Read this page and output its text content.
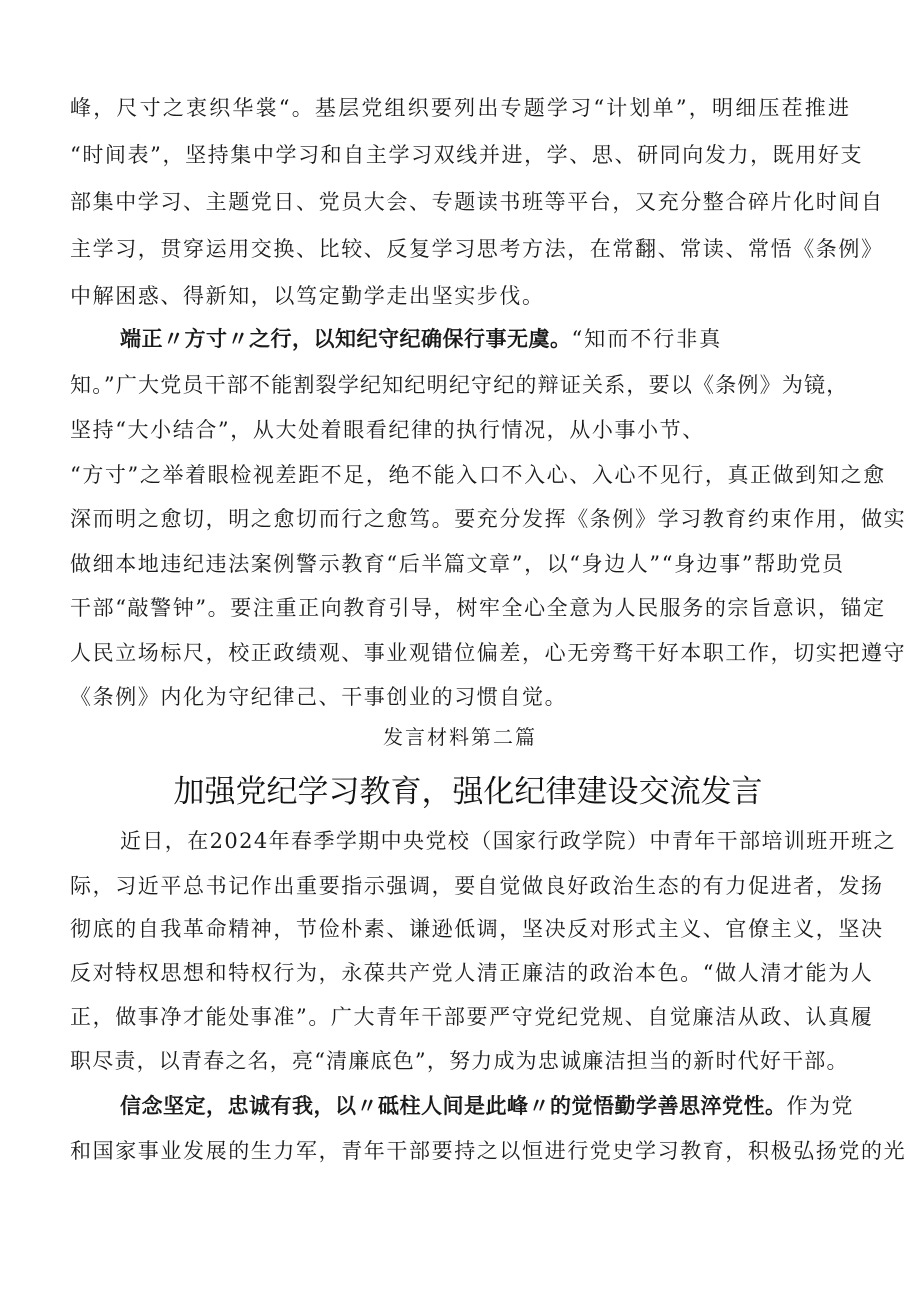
峰，尺寸之衷织华裳“。基层党组织要列出专题学习“计划单”，明细压茬推进
“时间表”，坚持集中学习和自主学习双线并进，学、思、研同向发力，既用好支
部集中学习、主题党日、党员大会、专题读书班等平台，又充分整合碎片化时间自
主学习，贯穿运用交换、比较、反复学习思考方法，在常翻、常读、常悟《条例》
中解困惑、得新知，以笃定勤学走出坚实步伐。
端正〃方寸〃之行，以知纪守纪确保行事无虞。“知而不行非真
知。”广大党员干部不能割裂学纪知纪明纪守纪的辩证关系，要以《条例》为镜，
坚持“大小结合”，从大处着眼看纪律的执行情况，从小事小节、
“方寸”之举着眼检视差距不足，绝不能入口不入心、入心不见行，真正做到知之愈
深而明之愈切，明之愈切而行之愈笃。要充分发挥《条例》学习教育约束作用，做实
做细本地违纪违法案例警示教育“后半篇文章”，以“身边人”“身边事”帮助党员
干部“敲警钟”。要注重正向教育引导，树牢全心全意为人民服务的宗旨意识，锚定
人民立场标尺，校正政绩观、事业观错位偏差，心无旁骛干好本职工作，切实把遵守
《条例》内化为守纪律己、干事创业的习惯自觉。
发言材料第二篇
加强党纪学习教育，强化纪律建设交流发言
近日，在2024年春季学期中央党校（国家行政学院）中青年干部培训班开班之
际，习近平总书记作出重要指示强调，要自觉做良好政治生态的有力促进者，发扬
彻底的自我革命精神，节俭朴素、谦逊低调，坚决反对形式主义、官僚主义，坚决
反对特权思想和特权行为，永葆共产党人清正廉洁的政治本色。“做人清才能为人
正，做事净才能处事准”。广大青年干部要严守党纪党规、自觉廉洁从政、认真履
职尽责，以青春之名，亮“清廉底色”，努力成为忠诚廉洁担当的新时代好干部。
信念坚定，忠诚有我，以〃砥柱人间是此峰〃的觉悟勤学善思淬党性。作为党
和国家事业发展的生力军，青年干部要持之以恒进行党史学习教育，积极弘扬党的光
